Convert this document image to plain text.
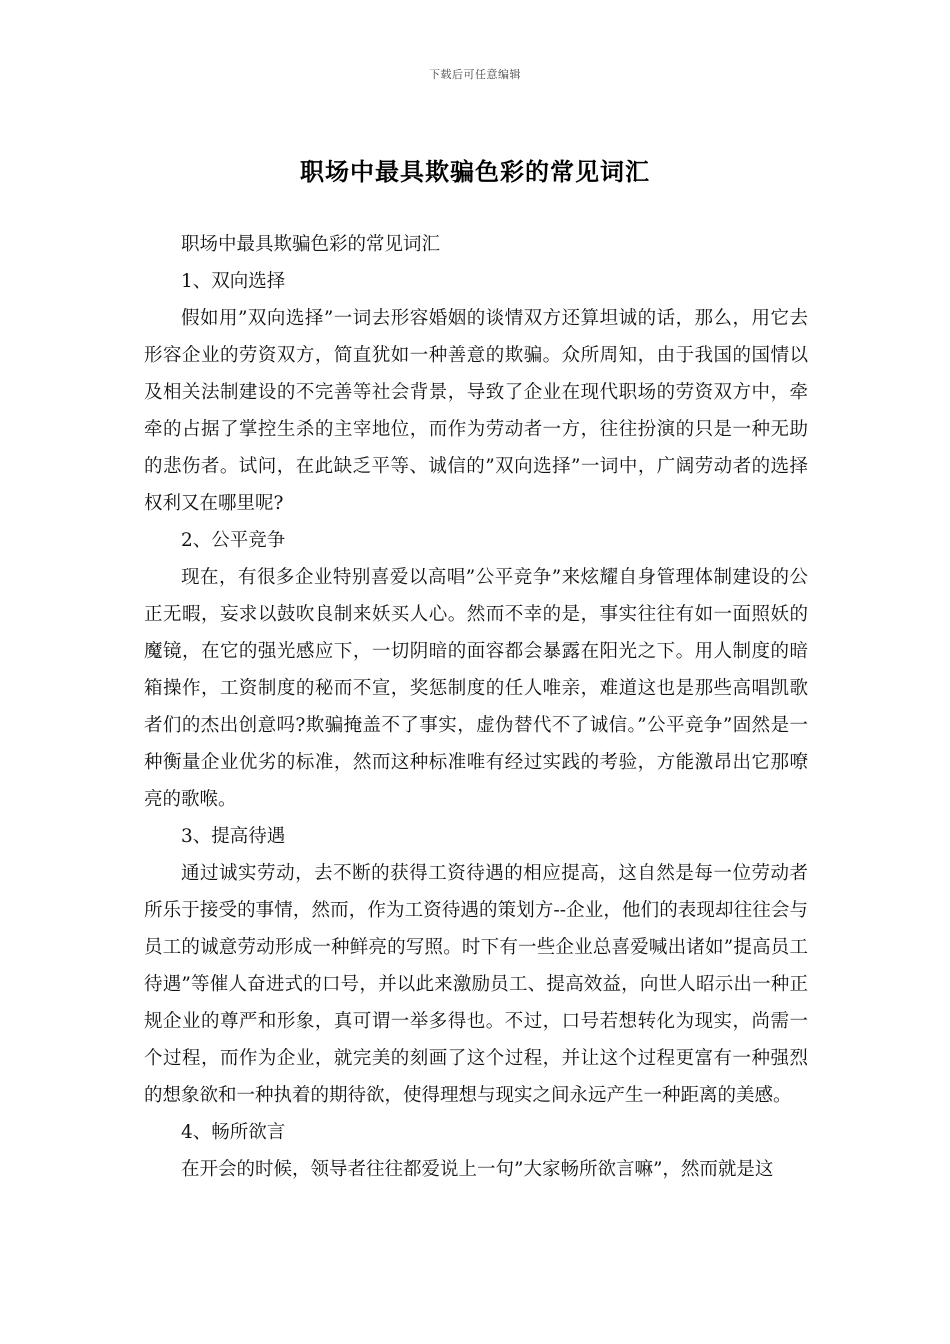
下载后可任意编辑
职场中最具欺骗色彩的常见词汇

职场中最具欺骗色彩的常见词汇

1、双向选择

假如用”双向选择”一词去形容婚姻的谈情双方还算坦诚的话，那么，用它去形容企业的劳资双方，简直犹如一种善意的欺骗。众所周知，由于我国的国情以及相关法制建设的不完善等社会背景，导致了企业在现代职场的劳资双方中，牵牵的占据了掌控生杀的主宰地位，而作为劳动者一方，往往扮演的只是一种无助的悲伤者。试问，在此缺乏平等、诚信的”双向选择”一词中，广阔劳动者的选择权利又在哪里呢?

2、公平竞争

现在，有很多企业特别喜爱以高唱”公平竞争”来炫耀自身管理体制建设的公正无暇，妄求以鼓吹良制来妖买人心。然而不幸的是，事实往往有如一面照妖的魔镜，在它的强光感应下，一切阴暗的面容都会暴露在阳光之下。用人制度的暗箱操作，工资制度的秘而不宣，奖惩制度的任人唯亲，难道这也是那些高唱凯歌者们的杰出创意吗?欺骗掩盖不了事实，虚伪替代不了诚信。”公平竞争”固然是一种衡量企业优劣的标准，然而这种标准唯有经过实践的考验，方能激昂出它那嘹亮的歌喉。

3、提高待遇

通过诚实劳动，去不断的获得工资待遇的相应提高，这自然是每一位劳动者所乐于接受的事情，然而，作为工资待遇的策划方--企业，他们的表现却往往会与员工的诚意劳动形成一种鲜亮的写照。时下有一些企业总喜爱喊出诸如”提高员工待遇”等催人奋进式的口号，并以此来激励员工、提高效益，向世人昭示出一种正规企业的尊严和形象，真可谓一举多得也。不过，口号若想转化为现实，尚需一个过程，而作为企业，就完美的刻画了这个过程，并让这个过程更富有一种强烈的想象欲和一种执着的期待欲，使得理想与现实之间永远产生一种距离的美感。

4、畅所欲言

在开会的时候，领导者往往都爱说上一句”大家畅所欲言嘛”，然而就是这
